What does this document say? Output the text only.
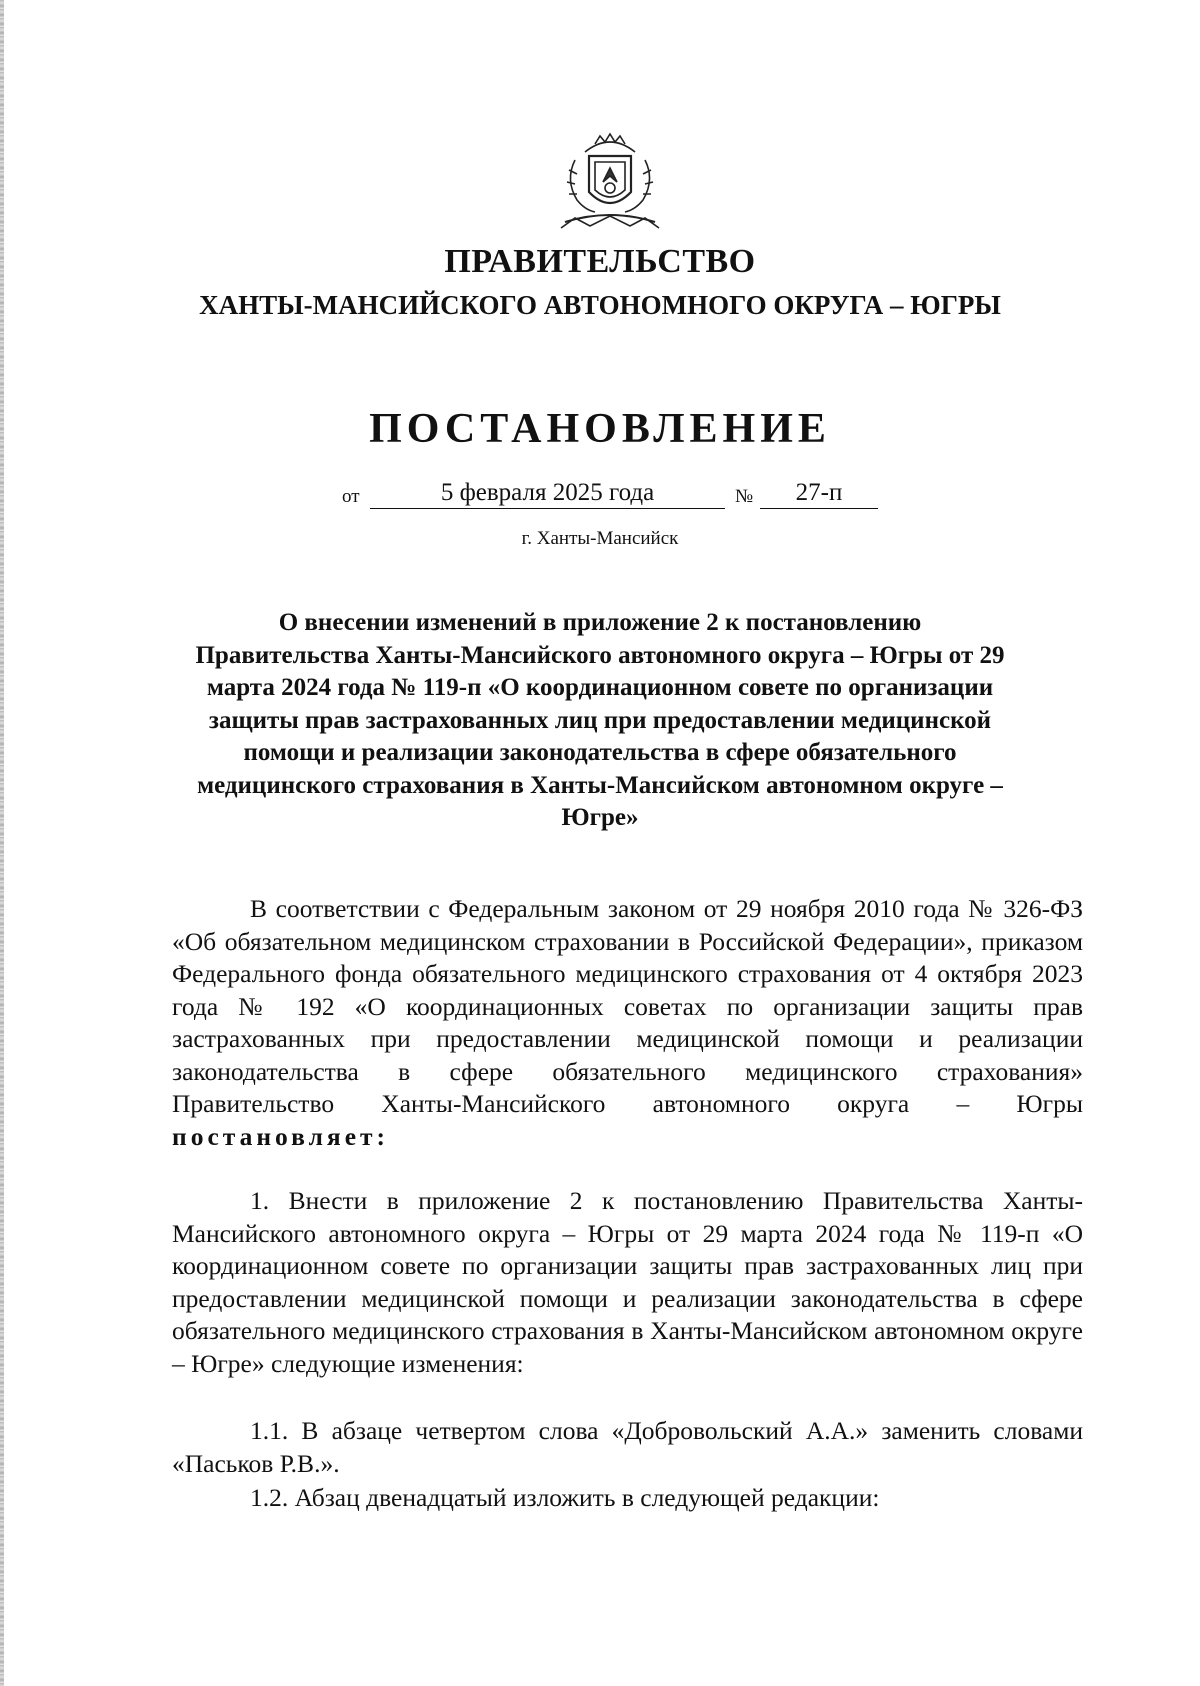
ПРАВИТЕЛЬСТВО
ХАНТЫ-МАНСИЙСКОГО АВТОНОМНОГО ОКРУГА – ЮГРЫ
ПОСТАНОВЛЕНИЕ
от	5 февраля 2025 года	№	27-п

г. Ханты-Мансийск

О внесении изменений в приложение 2 к постановлению Правительства Ханты-Мансийского автономного округа – Югры от 29 марта 2024 года № 119-п «О координационном совете по организации защиты прав застрахованных лиц при предоставлении медицинской помощи и реализации законодательства в сфере обязательного медицинского страхования в Ханты-Мансийском автономном округе – Югре»

В соответствии с Федеральным законом от 29 ноября 2010 года № 326-ФЗ «Об обязательном медицинском страховании в Российской Федерации», приказом Федерального фонда обязательного медицинского страхования от 4 октября 2023 года № 192 «О координационных советах по организации защиты прав застрахованных при предоставлении медицинской помощи и реализации законодательства в сфере обязательного медицинского страхования» Правительство Ханты-Мансийского автономного округа – Югры постановляет:

1. Внести в приложение 2 к постановлению Правительства Ханты-Мансийского автономного округа – Югры от 29 марта 2024 года № 119-п «О координационном совете по организации защиты прав застрахованных лиц при предоставлении медицинской помощи и реализации законодательства в сфере обязательного медицинского страхования в Ханты-Мансийском автономном округе – Югре» следующие изменения:

1.1. В абзаце четвертом слова «Добровольский А.А.» заменить словами «Паськов Р.В.».

1.2. Абзац двенадцатый изложить в следующей редакции:
